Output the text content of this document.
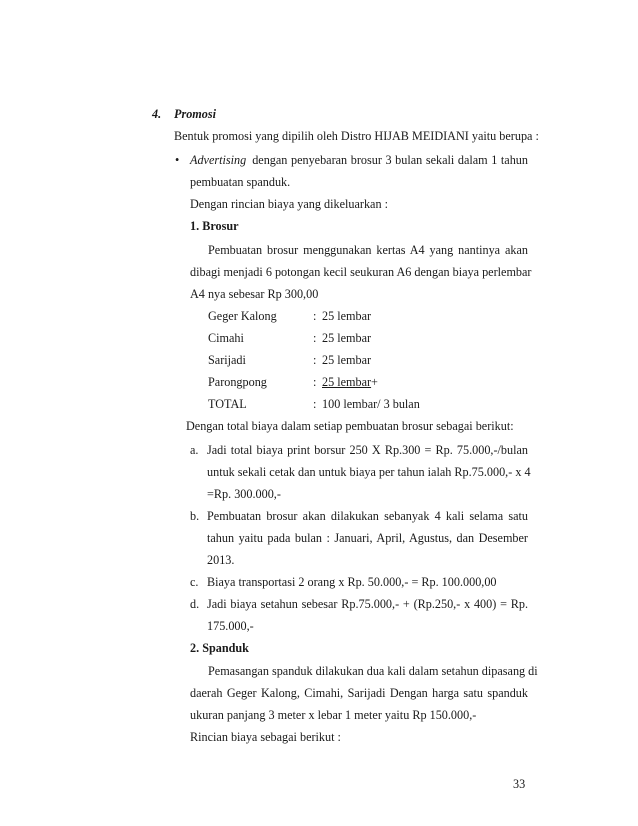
4. Promosi
Bentuk promosi yang dipilih oleh Distro HIJAB MEIDIANI yaitu berupa :
• Advertising dengan penyebaran brosur 3 bulan sekali dalam 1 tahun
pembuatan spanduk.
Dengan rincian biaya yang dikeluarkan :
1. Brosur
Pembuatan brosur menggunakan kertas A4 yang nantinya akan
dibagi menjadi 6 potongan kecil seukuran A6 dengan biaya perlembar
A4 nya sebesar Rp 300,00
Geger Kalong	: 25 lembar
Cimahi	: 25 lembar
Sarijadi	: 25 lembar
Parongpong	: 25 lembar +
TOTAL	: 100 lembar/ 3 bulan
Dengan total biaya dalam setiap pembuatan brosur sebagai berikut:
a. Jadi total biaya print borsur 250 X Rp.300 = Rp. 75.000,-/bulan
untuk sekali cetak dan untuk biaya per tahun ialah Rp.75.000,- x 4
=Rp. 300.000,-
b. Pembuatan brosur akan dilakukan sebanyak 4 kali selama satu
tahun yaitu pada bulan : Januari, April, Agustus, dan Desember
2013.
c. Biaya transportasi 2 orang x Rp. 50.000,- = Rp. 100.000,00
d. Jadi biaya setahun sebesar Rp.75.000,- + (Rp.250,- x 400) = Rp.
175.000,-
2. Spanduk
Pemasangan spanduk dilakukan dua kali dalam setahun dipasang di
daerah Geger Kalong, Cimahi, Sarijadi Dengan harga satu spanduk
ukuran panjang 3 meter x lebar 1 meter yaitu Rp 150.000,-
Rincian biaya sebagai berikut :
33
